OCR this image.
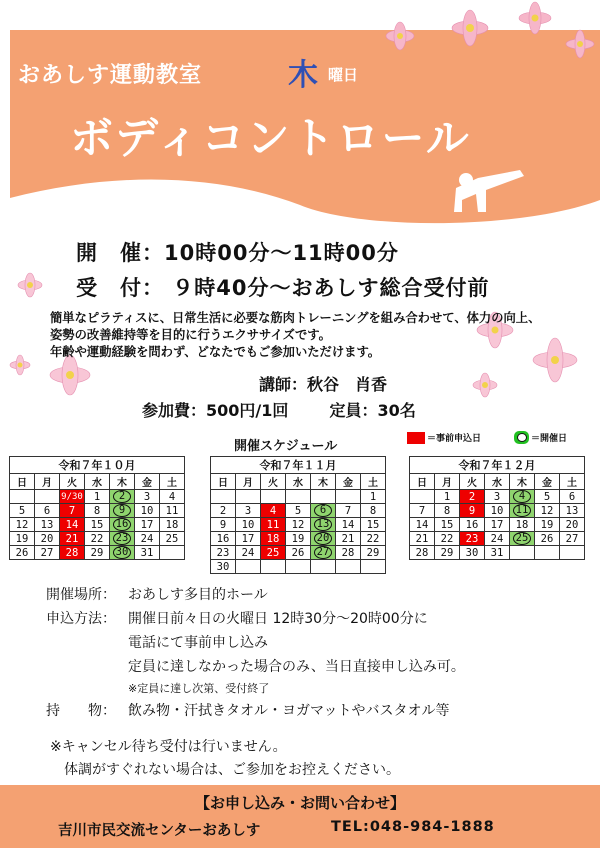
おあしす運動教室	木 曜日
ボディコントロール
開　催：10時00分～11時00分
受　付： ９時40分～おあしす総合受付前
簡単なピラティスに、日常生活に必要な筋肉トレーニングを組み合わせて、体力の向上、
姿勢の改善維持等を目的に行うエクササイズです。
年齢や運動経験を問わず、どなたでもご参加いただけます。
講師：秋谷　肖香
参加費：500円/1回	定員：30名
開催スケジュール	＝事前申込日	＝開催日
令和７年１０月						
日	月	火	水	木	金	土
		9/30	1	2	3	4
5	6	7	8	9	10	11
12	13	14	15	16	17	18
19	20	21	22	23	24	25
26	27	28	29	30	31	
令和７年１１月						
日	月	火	水	木	金	土
						1
2	3	4	5	6	7	8
9	10	11	12	13	14	15
16	17	18	19	20	21	22
23	24	25	26	27	28	29
30						
令和７年１２月						
日	月	火	水	木	金	土
	1	2	3	4	5	6
7	8	9	10	11	12	13
14	15	16	17	18	19	20
21	22	23	24	25	26	27
28	29	30	31			
開催場所： おあしす多目的ホール
申込方法： 開催日前々日の火曜日 12時30分～20時00分に
電話にて事前申し込み
定員に達しなかった場合のみ、当日直接申し込み可。
※定員に達し次第、受付終了
持　　物： 飲み物・汗拭きタオル・ヨガマットやバスタオル等
※キャンセル待ち受付は行いません。
　体調がすぐれない場合は、ご参加をお控えください。
【お申し込み・お問い合わせ】
吉川市民交流センターおあしす	TEL:048-984-1888
